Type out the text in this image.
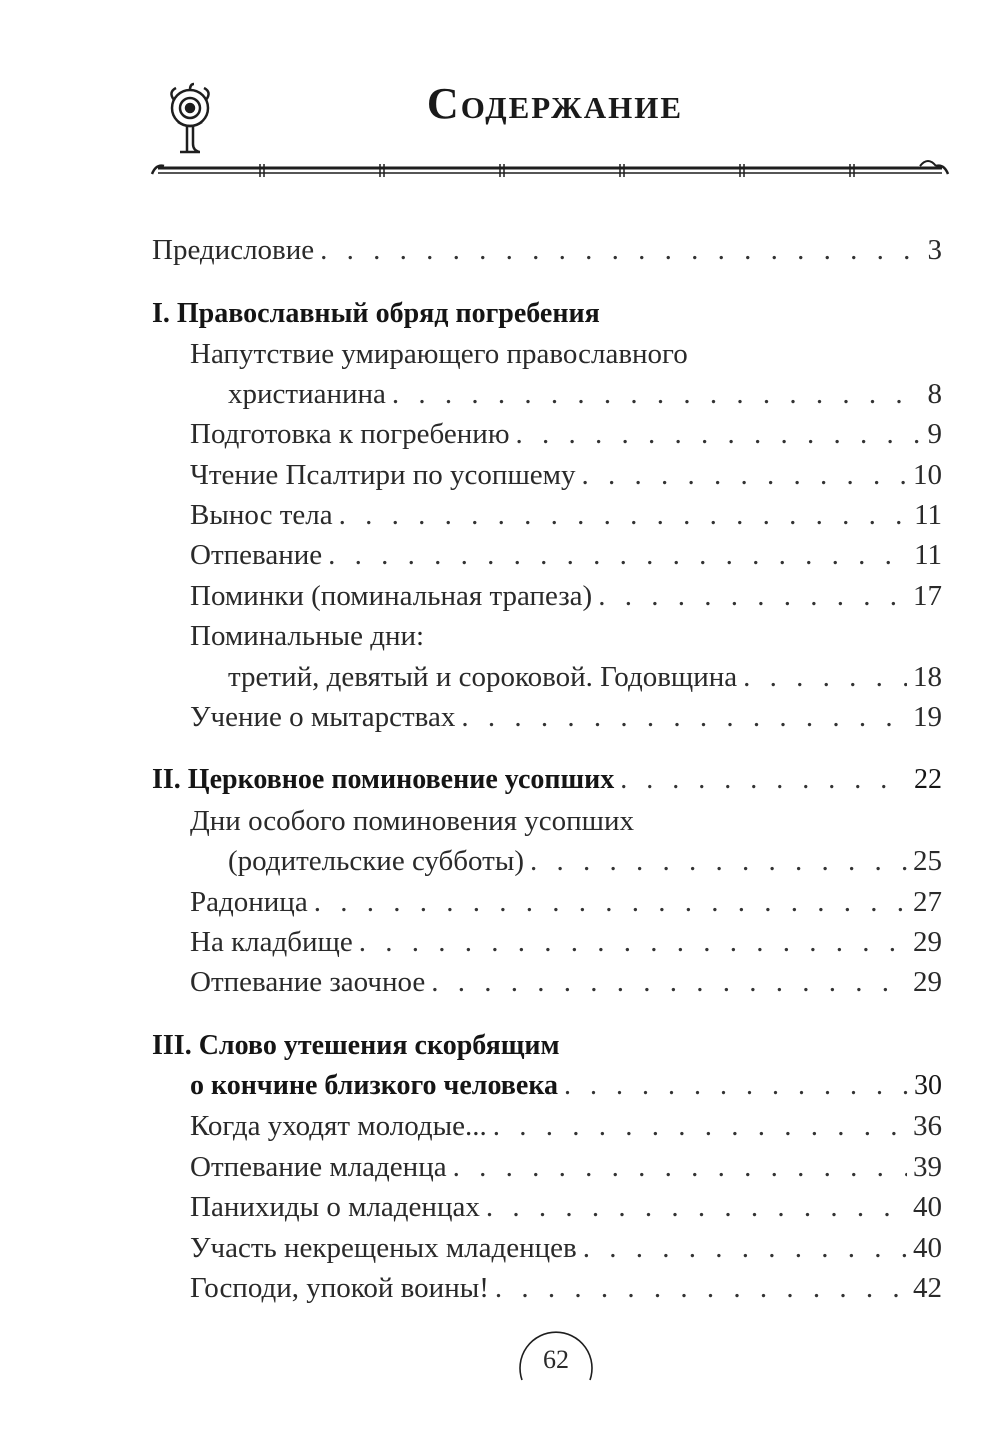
Содержание
Предисловие . . .	3
I. Православный обряд погребения
Напутствие умирающего православного
христианина . . .	8
Подготовка к погребению . . .	9
Чтение Псалтири по усопшему . . .	10
Вынос тела . . .	11
Отпевание . . .	11
Поминки (поминальная трапеза) . . .	17
Поминальные дни:
третий, девятый и сороковой. Годовщина . . .	18
Учение о мытарствах . . .	19
II. Церковное поминовение усопших . . .	22
Дни особого поминовения усопших
(родительские субботы) . . .	25
Радоница . . .	27
На кладбище . . .	29
Отпевание заочное . . .	29
III. Слово утешения скорбящим
о кончине близкого человека . . .	30
Когда уходят молодые... . . .	36
Отпевание младенца . . .	39
Панихиды о младенцах . . .	40
Участь некрещеных младенцев . . .	40
Господи, упокой воины! . . .	42
62
